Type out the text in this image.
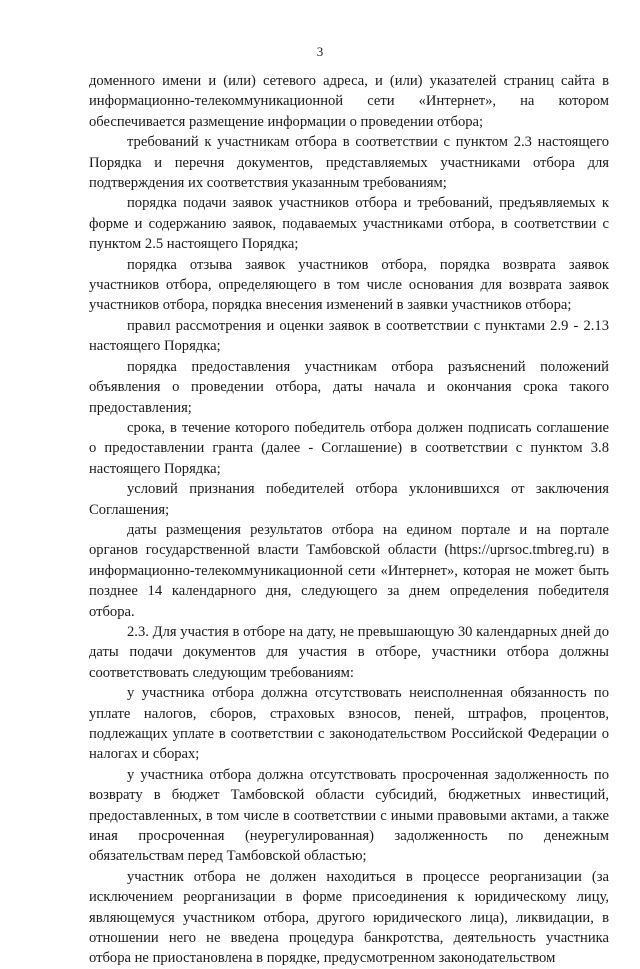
3

доменного имени и (или) сетевого адреса, и (или) указателей страниц сайта в информационно-телекоммуникационной сети «Интернет», на котором обеспечивается размещение информации о проведении отбора;

требований к участникам отбора в соответствии с пунктом 2.3 настоящего Порядка и перечня документов, представляемых участниками отбора для подтверждения их соответствия указанным требованиям;

порядка подачи заявок участников отбора и требований, предъявляемых к форме и содержанию заявок, подаваемых участниками отбора, в соответствии с пунктом 2.5 настоящего Порядка;

порядка отзыва заявок участников отбора, порядка возврата заявок участников отбора, определяющего в том числе основания для возврата заявок участников отбора, порядка внесения изменений в заявки участников отбора;

правил рассмотрения и оценки заявок в соответствии с пунктами 2.9 - 2.13 настоящего Порядка;

порядка предоставления участникам отбора разъяснений положений объявления о проведении отбора, даты начала и окончания срока такого предоставления;

срока, в течение которого победитель отбора должен подписать соглашение о предоставлении гранта (далее - Соглашение) в соответствии с пунктом 3.8 настоящего Порядка;

условий признания победителей отбора уклонившихся от заключения Соглашения;

даты размещения результатов отбора на едином портале и на портале органов государственной власти Тамбовской области (https://uprsoc.tmbreg.ru) в информационно-телекоммуникационной сети «Интернет», которая не может быть позднее 14 календарного дня, следующего за днем определения победителя отбора.

2.3. Для участия в отборе на дату, не превышающую 30 календарных дней до даты подачи документов для участия в отборе, участники отбора должны соответствовать следующим требованиям:

у участника отбора должна отсутствовать неисполненная обязанность по уплате налогов, сборов, страховых взносов, пеней, штрафов, процентов, подлежащих уплате в соответствии с законодательством Российской Федерации о налогах и сборах;

у участника отбора должна отсутствовать просроченная задолженность по возврату в бюджет Тамбовской области субсидий, бюджетных инвестиций, предоставленных, в том числе в соответствии с иными правовыми актами, а также иная просроченная (неурегулированная) задолженность по денежным обязательствам перед Тамбовской областью;

участник отбора не должен находиться в процессе реорганизации (за исключением реорганизации в форме присоединения к юридическому лицу, являющемуся участником отбора, другого юридического лица), ликвидации, в отношении него не введена процедура банкротства, деятельность участника отбора не приостановлена в порядке, предусмотренном законодательством
